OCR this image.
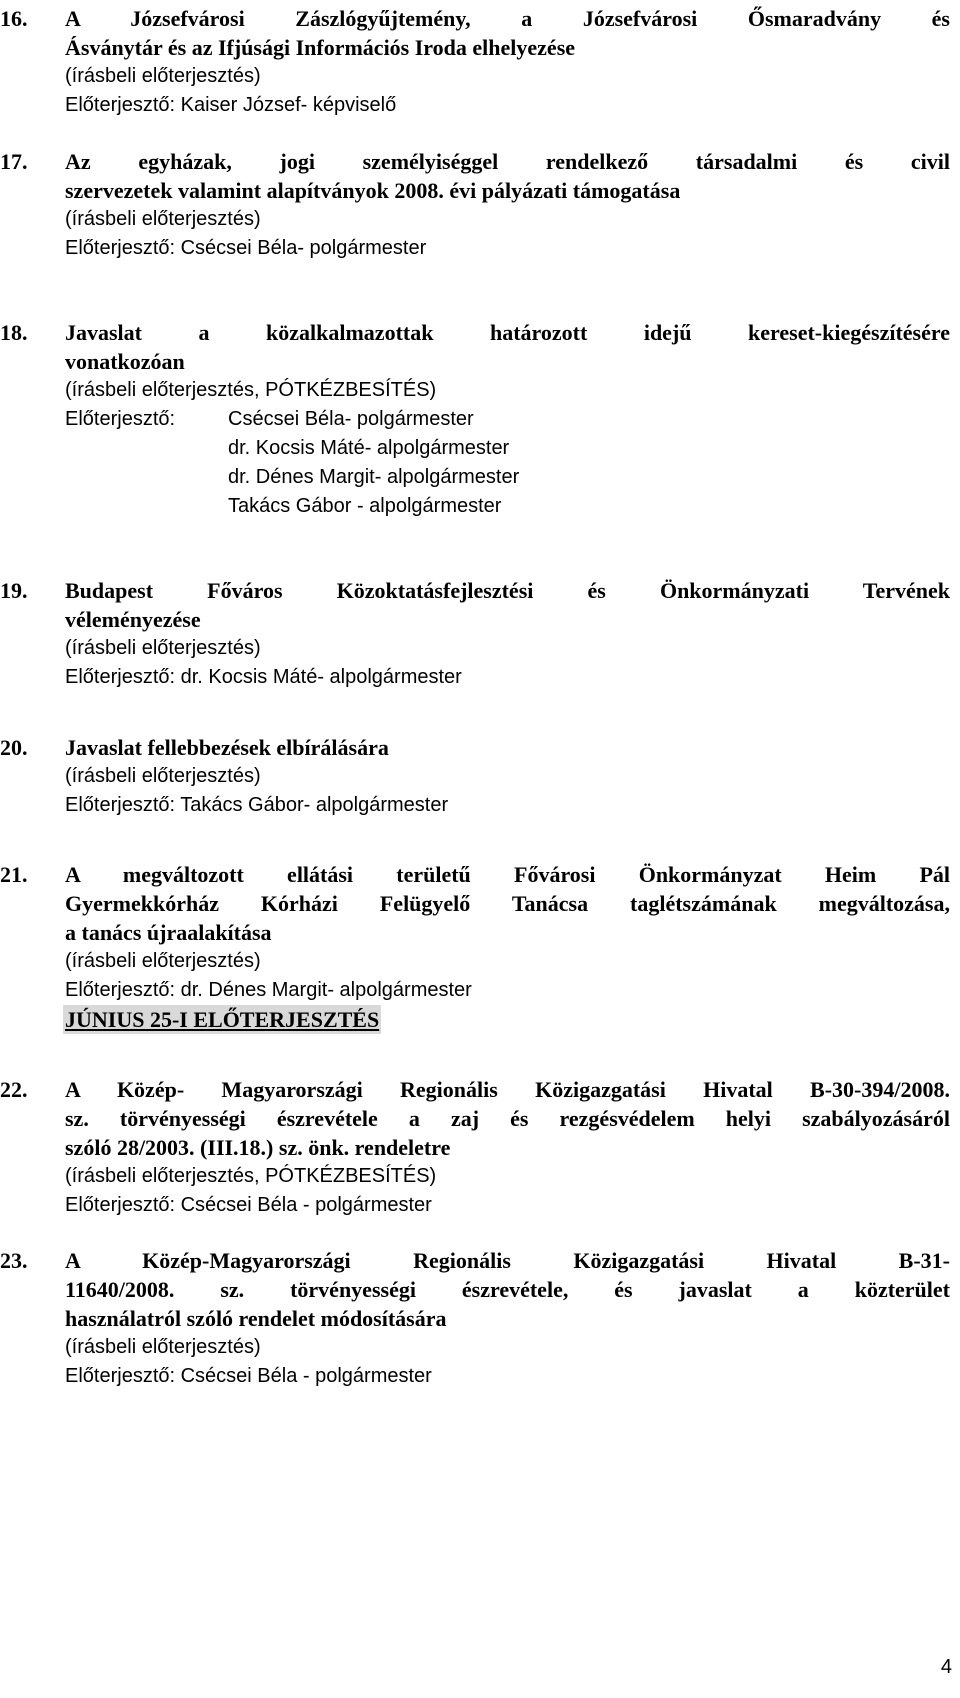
16. A Józsefvárosi Zászlógyűjtemény, a Józsefvárosi Ősmaradvány és
Ásványtár és az Ifjúsági Információs Iroda elhelyezése
(írásbeli előterjesztés)
Előterjesztő: Kaiser József- képviselő
17. Az egyházak, jogi személyiséggel rendelkező társadalmi és civil
szervezetek valamint alapítványok 2008. évi pályázati támogatása
(írásbeli előterjesztés)
Előterjesztő: Csécsei Béla- polgármester
18. Javaslat a közalkalmazottak határozott idejű kereset-kiegészítésére
vonatkozóan
(írásbeli előterjesztés, PÓTKÉZBESÍTÉS)
Előterjesztő:	Csécsei Béla- polgármester
dr. Kocsis Máté- alpolgármester
dr. Dénes Margit- alpolgármester
Takács Gábor - alpolgármester
19. Budapest Főváros Közoktatásfejlesztési és Önkormányzati Tervének
véleményezése
(írásbeli előterjesztés)
Előterjesztő: dr. Kocsis Máté- alpolgármester
20. Javaslat fellebbezések elbírálására
(írásbeli előterjesztés)
Előterjesztő: Takács Gábor- alpolgármester
21. A megváltozott ellátási területű Fővárosi Önkormányzat Heim Pál
Gyermekkórház Kórházi Felügyelő Tanácsa taglétszámának megváltozása,
a tanács újraalakítása
(írásbeli előterjesztés)
Előterjesztő: dr. Dénes Margit- alpolgármester
JÚNIUS 25-I ELŐTERJESZTÉS
22. A Közép- Magyarországi Regionális Közigazgatási Hivatal B-30-394/2008.
sz. törvényességi észrevétele a zaj és rezgésvédelem helyi szabályozásáról
szóló 28/2003. (III.18.) sz. önk. rendeletre
(írásbeli előterjesztés, PÓTKÉZBESÍTÉS)
Előterjesztő: Csécsei Béla - polgármester
23. A Közép-Magyarországi Regionális Közigazgatási Hivatal B-31-
11640/2008. sz. törvényességi észrevétele, és javaslat a közterület
használatról szóló rendelet módosítására
(írásbeli előterjesztés)
Előterjesztő: Csécsei Béla - polgármester
4
